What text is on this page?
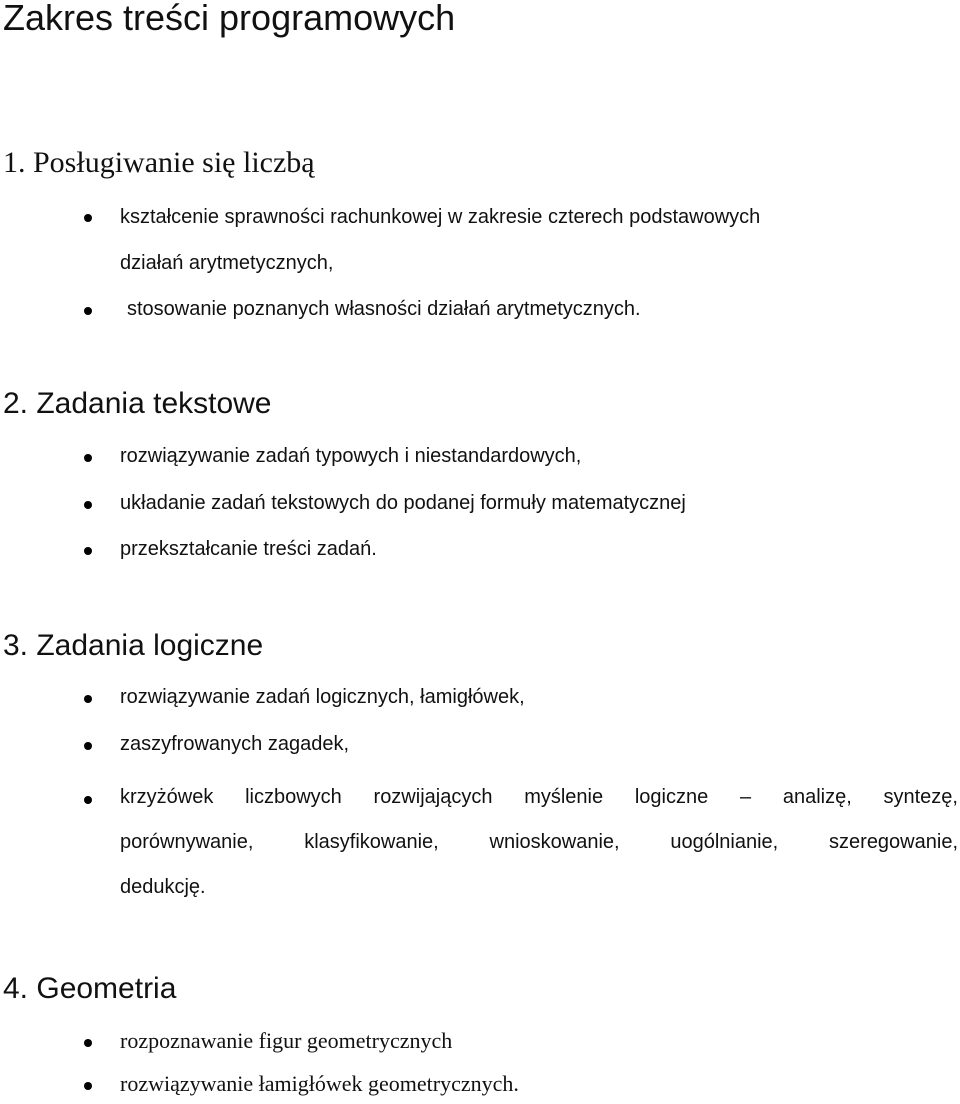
Zakres treści programowych
1. Posługiwanie się liczbą
kształcenie sprawności rachunkowej w zakresie czterech podstawowych
działań arytmetycznych,
stosowanie poznanych własności działań arytmetycznych.
2. Zadania tekstowe
rozwiązywanie zadań typowych i niestandardowych,
układanie zadań tekstowych do podanej formuły matematycznej
przekształcanie treści zadań.
3. Zadania logiczne
rozwiązywanie zadań logicznych, łamigłówek,
zaszyfrowanych zagadek,
krzyżówek liczbowych rozwijających myślenie logiczne – analizę, syntezę,
porównywanie, klasyfikowanie, wnioskowanie, uogólnianie, szeregowanie,
dedukcję.
4. Geometria
rozpoznawanie figur geometrycznych
rozwiązywanie łamigłówek geometrycznych.
